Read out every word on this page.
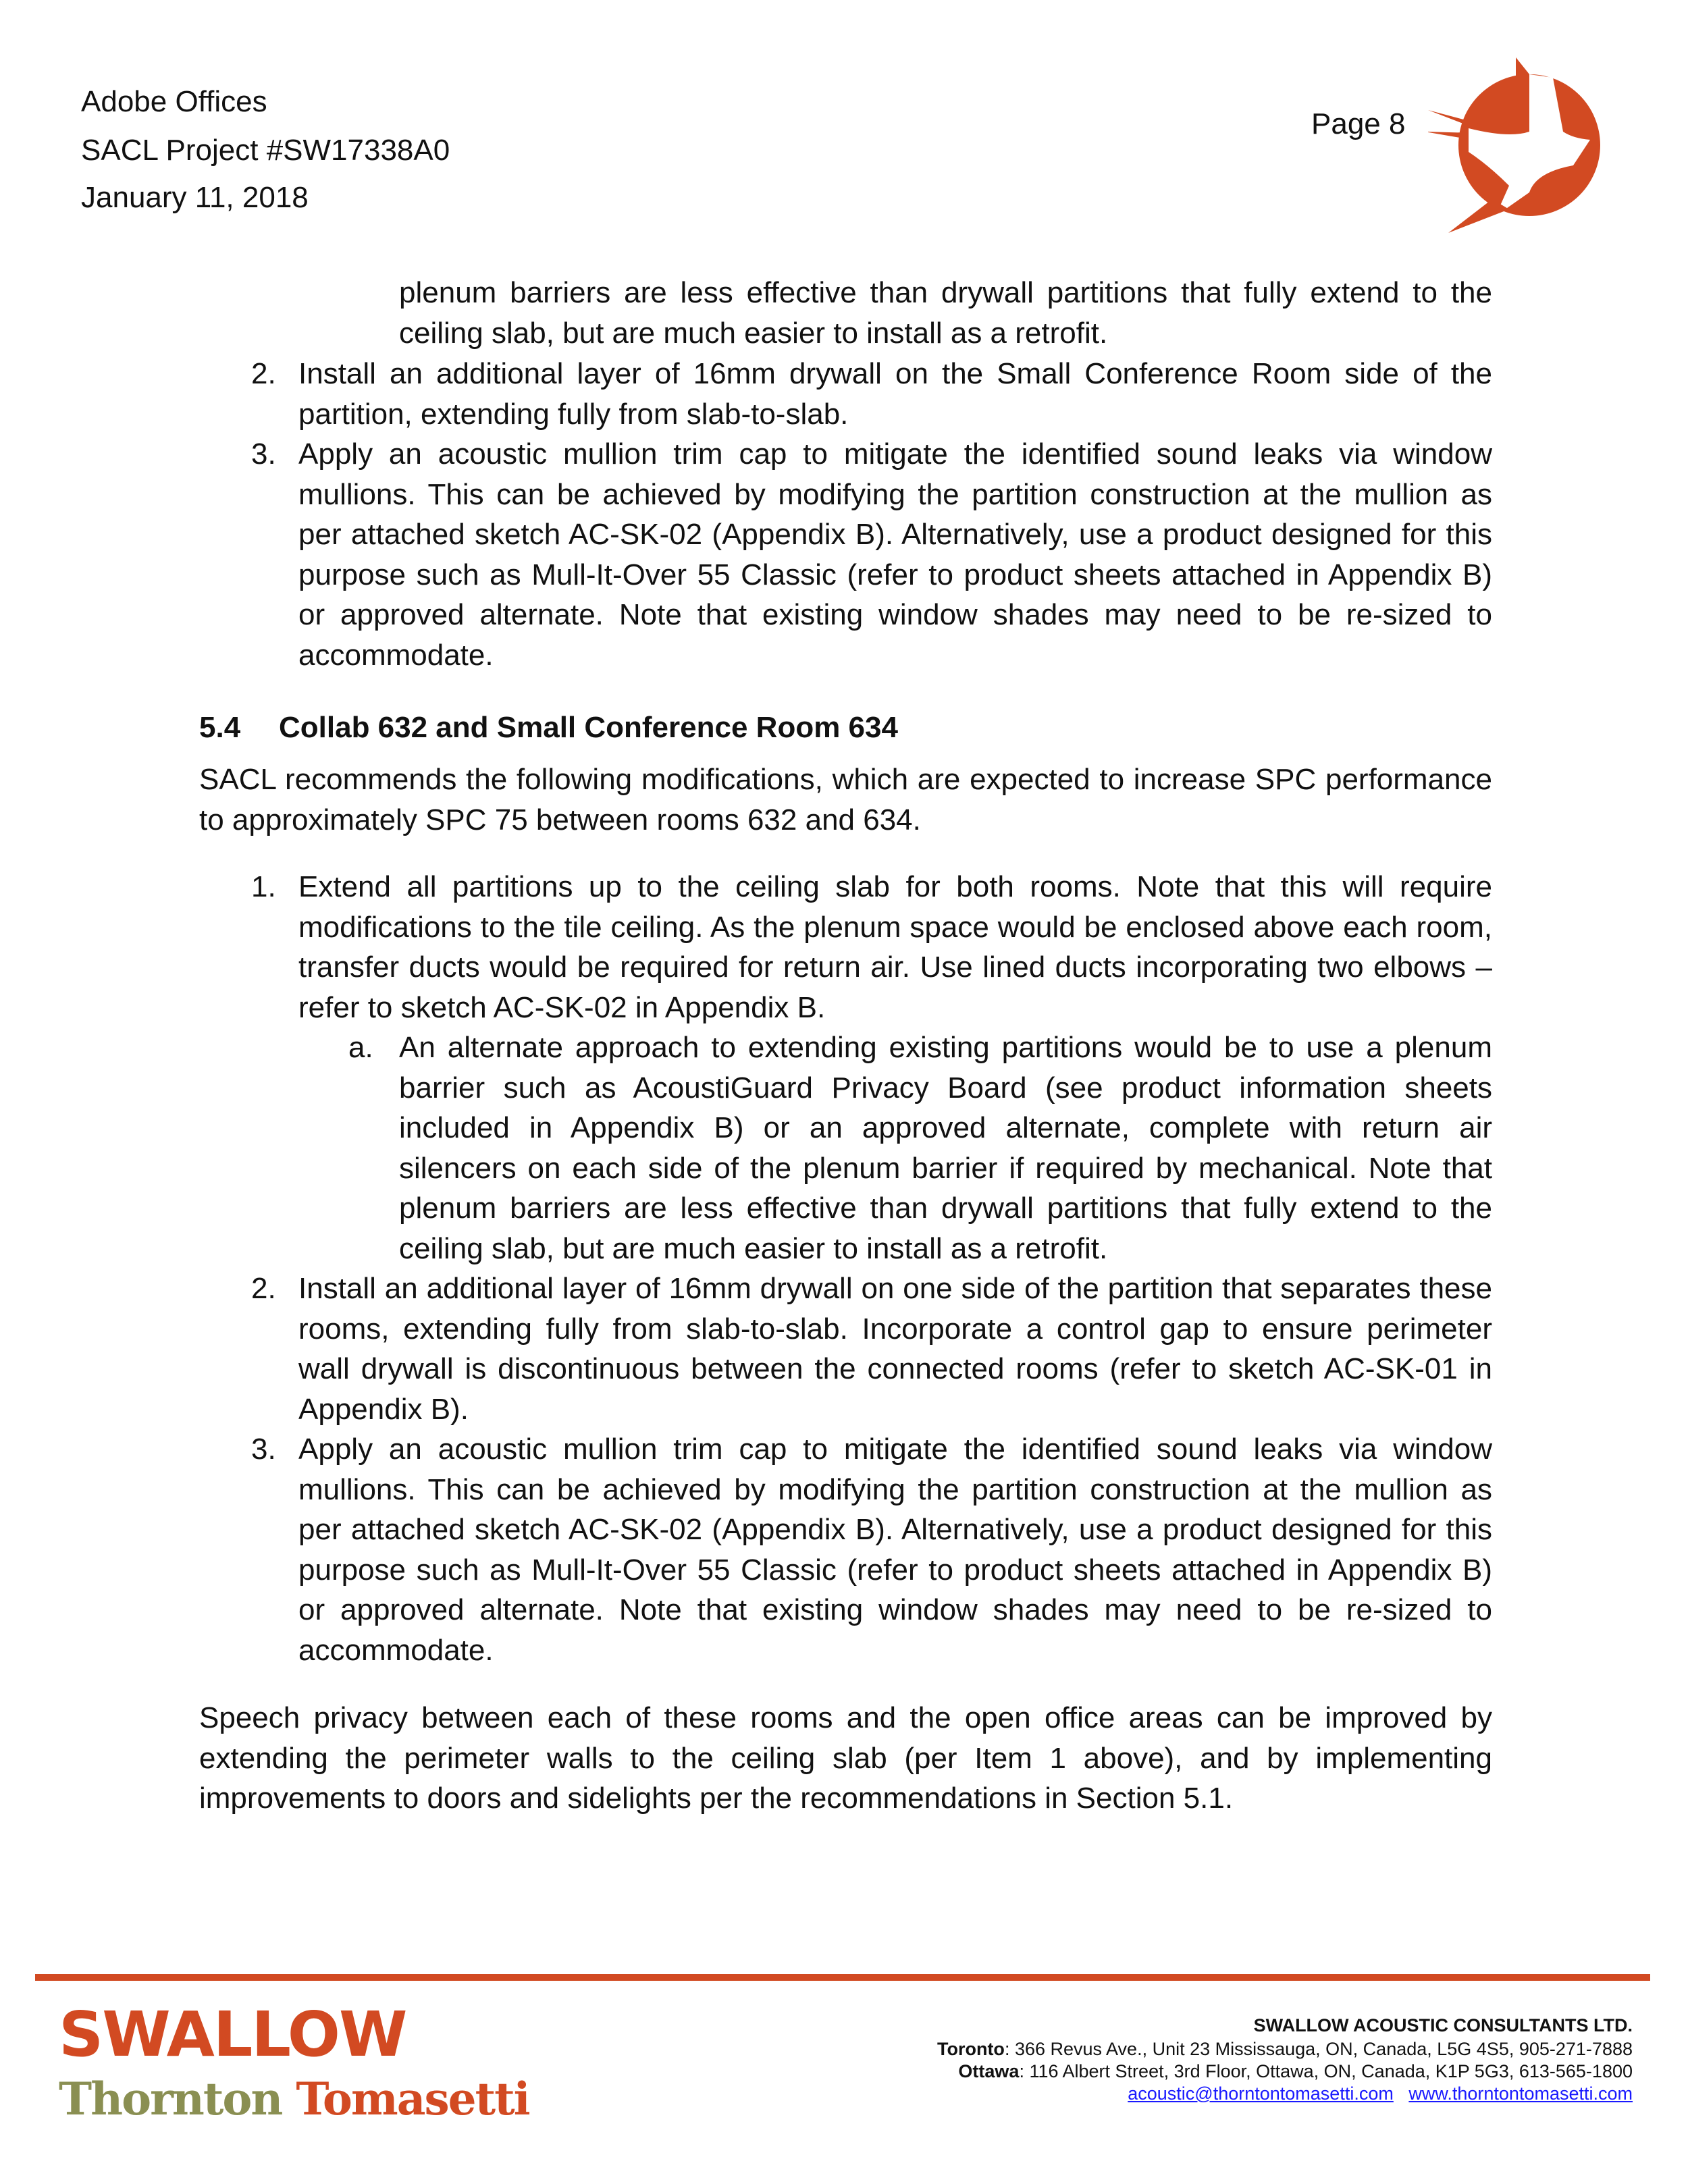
Adobe Offices
SACL Project #SW17338A0
January 11, 2018
Page 8
plenum barriers are less effective than drywall partitions that fully extend to the
ceiling slab, but are much easier to install as a retrofit.
2. Install an additional layer of 16mm drywall on the Small Conference Room side of the
partition, extending fully from slab-to-slab.
3. Apply an acoustic mullion trim cap to mitigate the identified sound leaks via window
mullions. This can be achieved by modifying the partition construction at the mullion as
per attached sketch AC-SK-02 (Appendix B). Alternatively, use a product designed for this
purpose such as Mull-It-Over 55 Classic (refer to product sheets attached in Appendix B)
or approved alternate. Note that existing window shades may need to be re-sized to
accommodate.
SACL recommends the following modifications, which are expected to increase SPC performance
to approximately SPC 75 between rooms 632 and 634.
1. Extend all partitions up to the ceiling slab for both rooms. Note that this will require
modifications to the tile ceiling. As the plenum space would be enclosed above each room,
transfer ducts would be required for return air. Use lined ducts incorporating two elbows –
refer to sketch AC-SK-02 in Appendix B.
a. An alternate approach to extending existing partitions would be to use a plenum
barrier such as AcoustiGuard Privacy Board (see product information sheets
included in Appendix B) or an approved alternate, complete with return air
silencers on each side of the plenum barrier if required by mechanical. Note that
plenum barriers are less effective than drywall partitions that fully extend to the
ceiling slab, but are much easier to install as a retrofit.
2. Install an additional layer of 16mm drywall on one side of the partition that separates these
rooms, extending fully from slab-to-slab. Incorporate a control gap to ensure perimeter
wall drywall is discontinuous between the connected rooms (refer to sketch AC-SK-01 in
Appendix B).
3. Apply an acoustic mullion trim cap to mitigate the identified sound leaks via window
mullions. This can be achieved by modifying the partition construction at the mullion as
per attached sketch AC-SK-02 (Appendix B). Alternatively, use a product designed for this
purpose such as Mull-It-Over 55 Classic (refer to product sheets attached in Appendix B)
or approved alternate. Note that existing window shades may need to be re-sized to
accommodate.
Speech privacy between each of these rooms and the open office areas can be improved by
extending the perimeter walls to the ceiling slab (per Item 1 above), and by implementing
improvements to doors and sidelights per the recommendations in Section 5.1.
5.4 Collab 632 and Small Conference Room 634
SWALLOW
Thornton Tomasetti
SWALLOW ACOUSTIC CONSULTANTS LTD.
Toronto: 366 Revus Ave., Unit 23 Mississauga, ON, Canada, L5G 4S5, 905-271-7888
Ottawa: 116 Albert Street, 3rd Floor, Ottawa, ON, Canada, K1P 5G3, 613-565-1800
acoustic@thorntontomasetti.com www.thorntontomasetti.com
